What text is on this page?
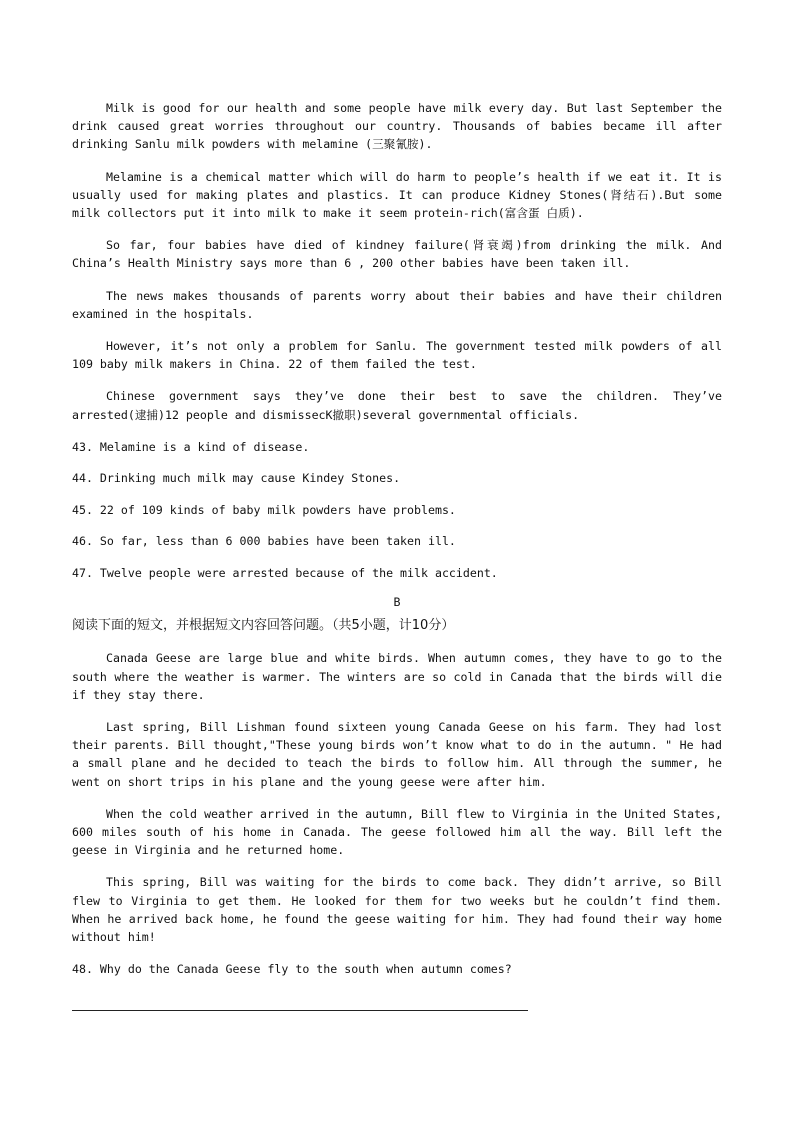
Milk is good for our health and some people have milk every day. But last September the drink caused great worries throughout our country. Thousands of babies became ill after drinking Sanlu milk powders with melamine (三聚氰胺).

Melamine is a chemical matter which will do harm to people’s health if we eat it. It is usually used for making plates and plastics. It can produce Kidney Stones(肾结石).But some milk collectors put it into milk to make it seem protein-rich(富含蛋 白质).

So far, four babies have died of kindney failure(肾衰竭)from drinking the milk. And China’s Health Ministry says more than 6 , 200 other babies have been taken ill.

The news makes thousands of parents worry about their babies and have their children examined in the hospitals.

However, it’s not only a problem for Sanlu. The government tested milk powders of all 109 baby milk makers in China. 22 of them failed the test.

Chinese government says they’ve done their best to save the children. They’ve arrested(逮捕)12 people and dismissecK撤职)several governmental officials.

43. Melamine is a kind of disease.

44. Drinking much milk may cause Kindey Stones.

45. 22 of 109 kinds of baby milk powders have problems.

46. So far, less than 6 000 babies have been taken ill.

47. Twelve people were arrested because of the milk accident.

B

阅读下面的短文，并根据短文内容回答问题。（共5小题，计10分）

Canada Geese are large blue and white birds. When autumn comes, they have to go to the south where the weather is warmer. The winters are so cold in Canada that the birds will die if they stay there.

Last spring, Bill Lishman found sixteen young Canada Geese on his farm. They had lost their parents. Bill thought,"These young birds won’t know what to do in the autumn. " He had a small plane and he decided to teach the birds to follow him. All through the summer, he went on short trips in his plane and the young geese were after him.

When the cold weather arrived in the autumn, Bill flew to Virginia in the United States, 600 miles south of his home in Canada. The geese followed him all the way. Bill left the geese in Virginia and he returned home.

This spring, Bill was waiting for the birds to come back. They didn’t arrive, so Bill flew to Virginia to get them. He looked for them for two weeks but he couldn’t find them. When he arrived back home, he found the geese waiting for him. They had found their way home without him!

48. Why do the Canada Geese fly to the south when autumn comes?
